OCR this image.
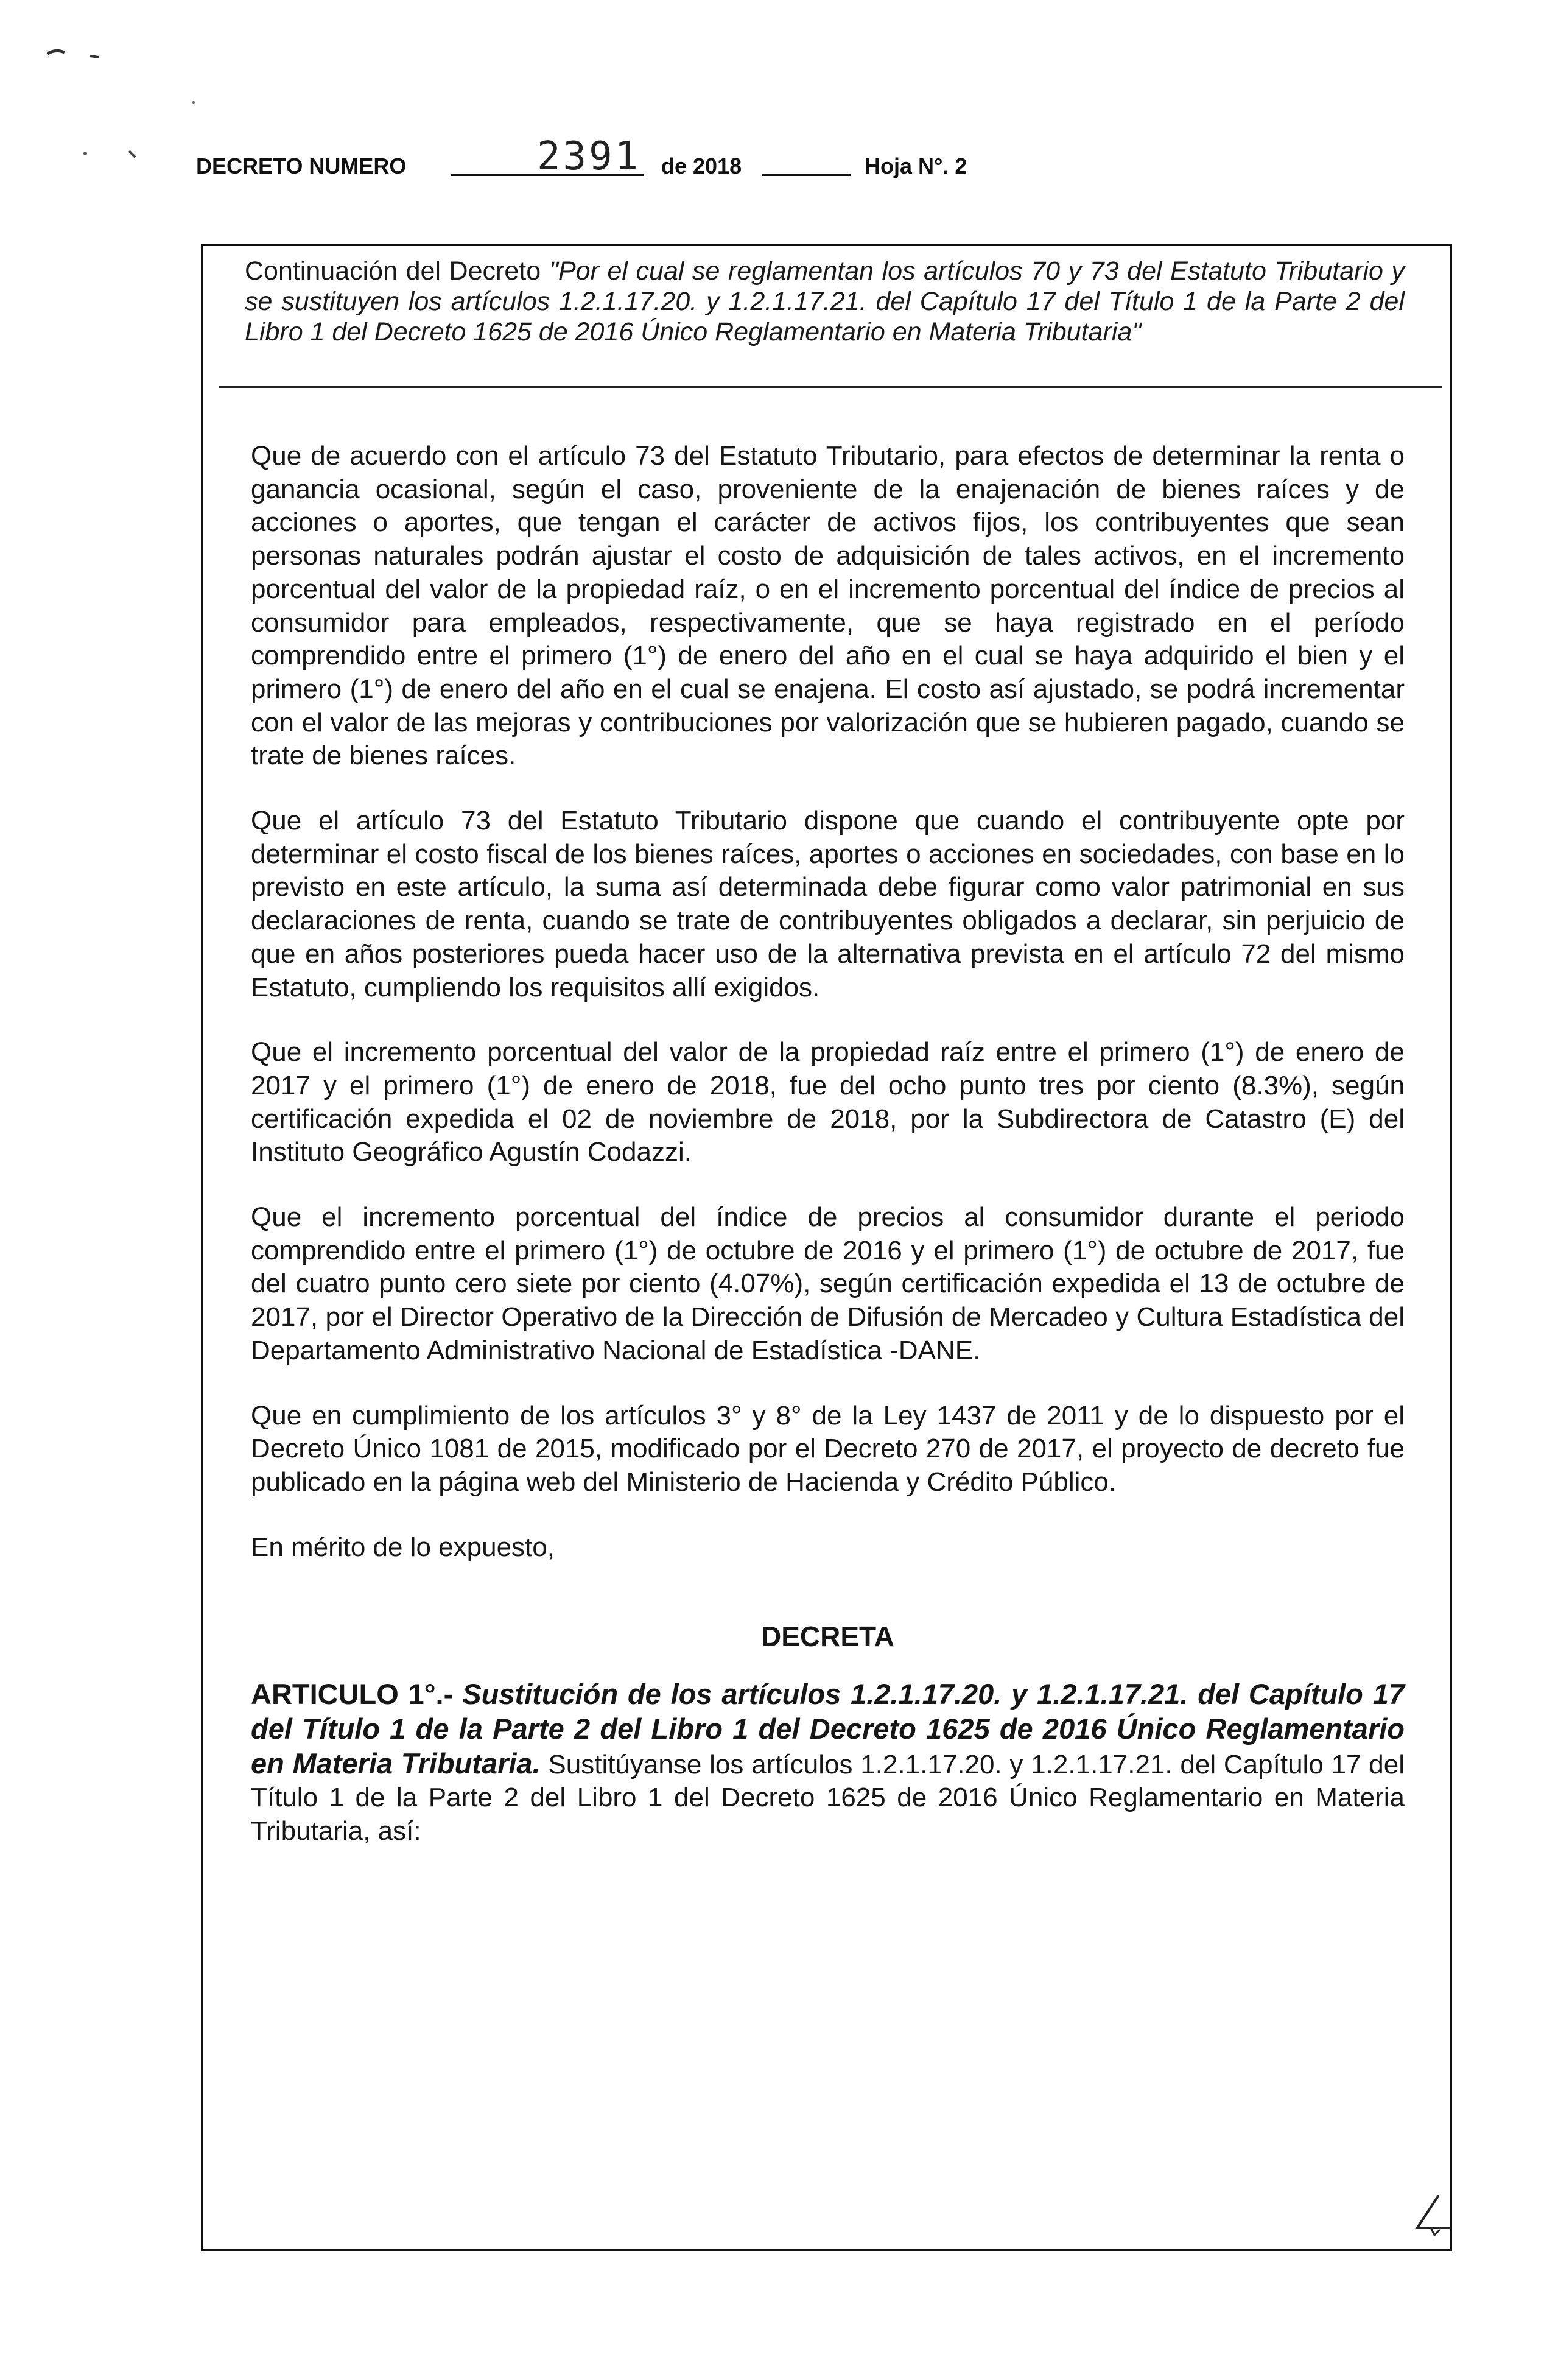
DECRETO NUMERO	2391 de 2018	Hoja N°. 2
Continuación del Decreto "Por el cual se reglamentan los artículos 70 y 73 del Estatuto Tributario y se sustituyen los artículos 1.2.1.17.20. y 1.2.1.17.21. del Capítulo 17 del Título 1 de la Parte 2 del Libro 1 del Decreto 1625 de 2016 Único Reglamentario en Materia Tributaria"

Que de acuerdo con el artículo 73 del Estatuto Tributario, para efectos de determinar la renta o ganancia ocasional, según el caso, proveniente de la enajenación de bienes raíces y de acciones o aportes, que tengan el carácter de activos fijos, los contribuyentes que sean personas naturales podrán ajustar el costo de adquisición de tales activos, en el incremento porcentual del valor de la propiedad raíz, o en el incremento porcentual del índice de precios al consumidor para empleados, respectivamente, que se haya registrado en el período comprendido entre el primero (1°) de enero del año en el cual se haya adquirido el bien y el primero (1°) de enero del año en el cual se enajena. El costo así ajustado, se podrá incrementar con el valor de las mejoras y contribuciones por valorización que se hubieren pagado, cuando se trate de bienes raíces.

Que el artículo 73 del Estatuto Tributario dispone que cuando el contribuyente opte por determinar el costo fiscal de los bienes raíces, aportes o acciones en sociedades, con base en lo previsto en este artículo, la suma así determinada debe figurar como valor patrimonial en sus declaraciones de renta, cuando se trate de contribuyentes obligados a declarar, sin perjuicio de que en años posteriores pueda hacer uso de la alternativa prevista en el artículo 72 del mismo Estatuto, cumpliendo los requisitos allí exigidos.

Que el incremento porcentual del valor de la propiedad raíz entre el primero (1°) de enero de 2017 y el primero (1°) de enero de 2018, fue del ocho punto tres por ciento (8.3%), según certificación expedida el 02 de noviembre de 2018, por la Subdirectora de Catastro (E) del Instituto Geográfico Agustín Codazzi.

Que el incremento porcentual del índice de precios al consumidor durante el periodo comprendido entre el primero (1°) de octubre de 2016 y el primero (1°) de octubre de 2017, fue del cuatro punto cero siete por ciento (4.07%), según certificación expedida el 13 de octubre de 2017, por el Director Operativo de la Dirección de Difusión de Mercadeo y Cultura Estadística del Departamento Administrativo Nacional de Estadística -DANE.

Que en cumplimiento de los artículos 3° y 8° de la Ley 1437 de 2011 y de lo dispuesto por el Decreto Único 1081 de 2015, modificado por el Decreto 270 de 2017, el proyecto de decreto fue publicado en la página web del Ministerio de Hacienda y Crédito Público.

En mérito de lo expuesto,

DECRETA

ARTICULO 1°.- Sustitución de los artículos 1.2.1.17.20. y 1.2.1.17.21. del Capítulo 17 del Título 1 de la Parte 2 del Libro 1 del Decreto 1625 de 2016 Único Reglamentario en Materia Tributaria. Sustitúyanse los artículos 1.2.1.17.20. y 1.2.1.17.21. del Capítulo 17 del Título 1 de la Parte 2 del Libro 1 del Decreto 1625 de 2016 Único Reglamentario en Materia Tributaria, así:
